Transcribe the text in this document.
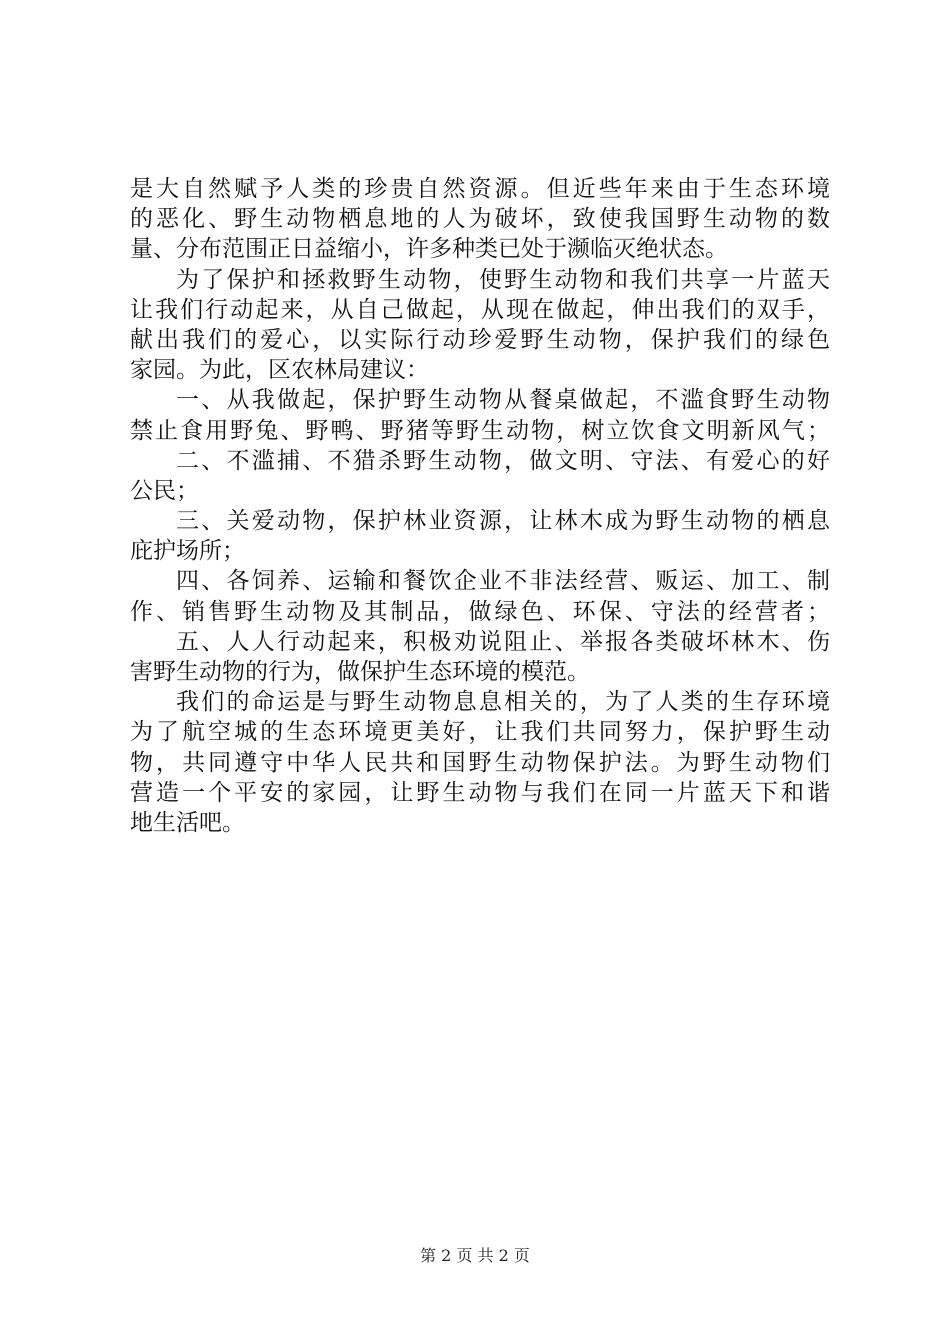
是大自然赋予人类的珍贵自然资源。但近些年来由于生态环境
的恶化、野生动物栖息地的人为破坏，致使我国野生动物的数
量、分布范围正日益缩小，许多种类已处于濒临灭绝状态。
为了保护和拯救野生动物，使野生动物和我们共享一片蓝天
让我们行动起来，从自己做起，从现在做起，伸出我们的双手，
献出我们的爱心，以实际行动珍爱野生动物，保护我们的绿色
家园。为此，区农林局建议：
一、从我做起，保护野生动物从餐桌做起，不滥食野生动物
禁止食用野兔、野鸭、野猪等野生动物，树立饮食文明新风气；
二、不滥捕、不猎杀野生动物，做文明、守法、有爱心的好
公民；
三、关爱动物，保护林业资源，让林木成为野生动物的栖息
庇护场所；
四、各饲养、运输和餐饮企业不非法经营、贩运、加工、制
作、销售野生动物及其制品，做绿色、环保、守法的经营者；
五、人人行动起来，积极劝说阻止、举报各类破坏林木、伤
害野生动物的行为，做保护生态环境的模范。
我们的命运是与野生动物息息相关的，为了人类的生存环境
为了航空城的生态环境更美好，让我们共同努力，保护野生动
物，共同遵守中华人民共和国野生动物保护法。为野生动物们
营造一个平安的家园，让野生动物与我们在同一片蓝天下和谐
地生活吧。
第 2 页 共 2 页
